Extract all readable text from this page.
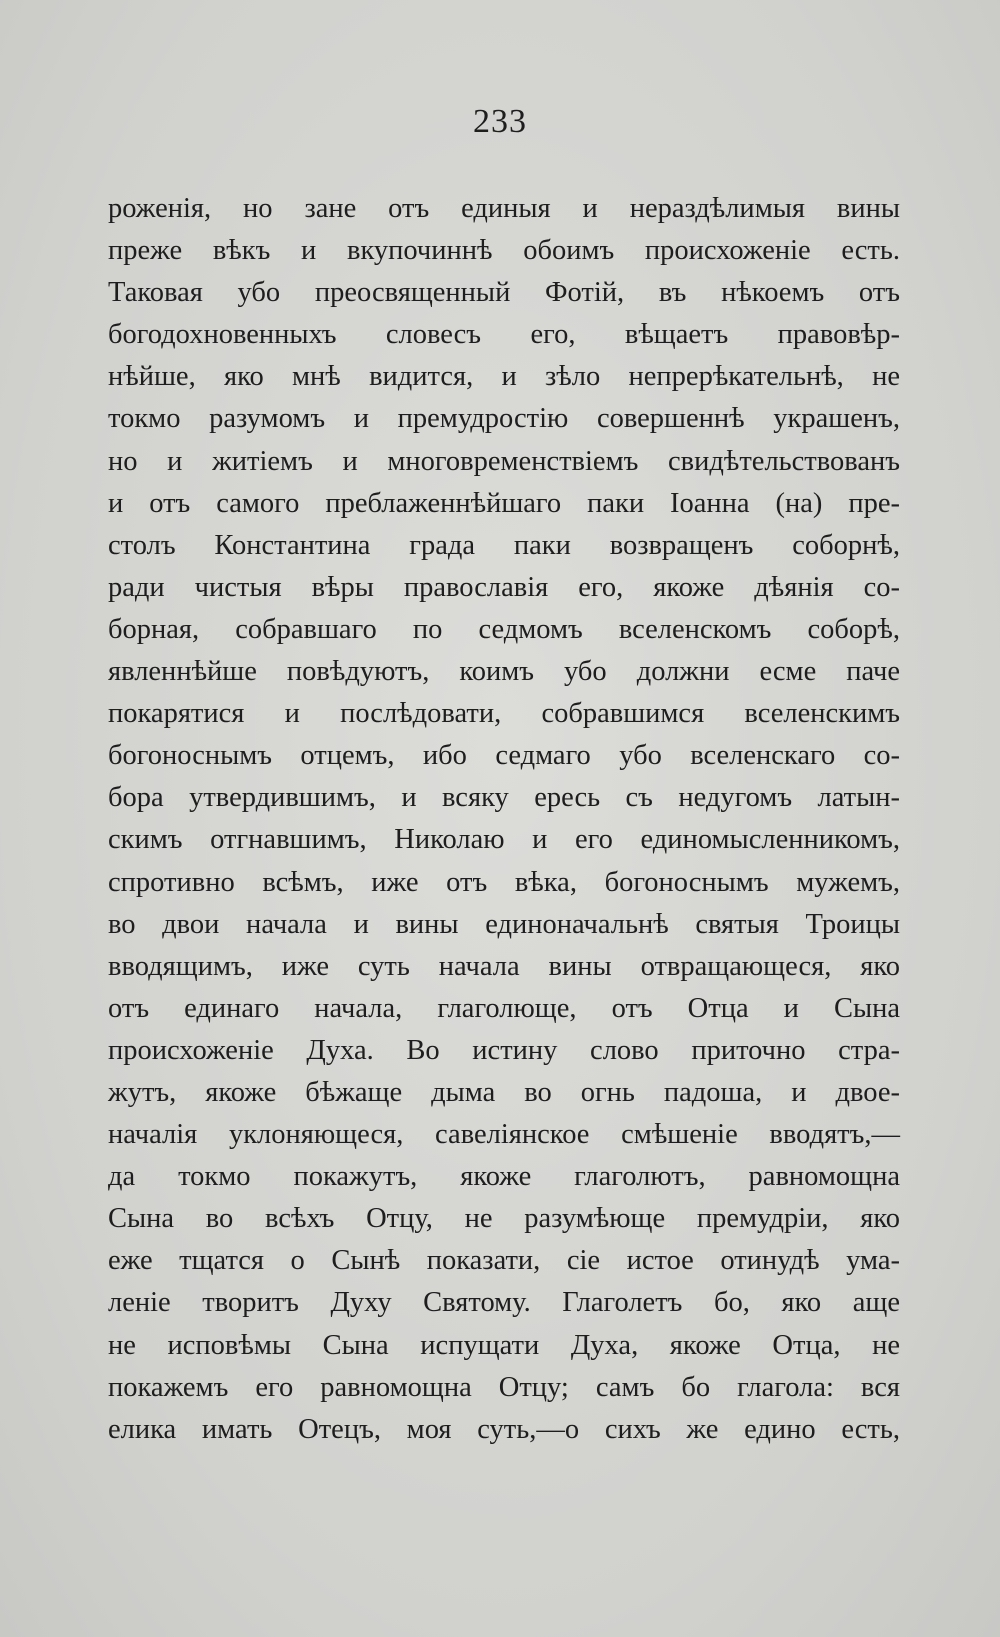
233
роженія, но зане отъ единыя и нераздѣлимыя вины
преже вѣкъ и вкупочиннѣ обоимъ происхоженіе есть.
Таковая убо преосвященный Фотій, въ нѣкоемъ отъ
богодохновенныхъ словесъ его, вѣщаетъ правовѣр-
нѣйше, яко мнѣ видится, и зѣло непрерѣкательнѣ, не
токмо разумомъ и премудростію совершеннѣ украшенъ,
но и житіемъ и многовременствіемъ свидѣтельствованъ
и отъ самого преблаженнѣйшаго паки Іоанна (на) пре-
столъ Константина града паки возвращенъ соборнѣ,
ради чистыя вѣры православія его, якоже дѣянія со-
борная, собравшаго по седмомъ вселенскомъ соборѣ,
явленнѣйше повѣдуютъ, коимъ убо должни есме паче
покарятися и послѣдовати, собравшимся вселенскимъ
богоноснымъ отцемъ, ибо седмаго убо вселенскаго со-
бора утвердившимъ, и всяку ересь съ недугомъ латын-
скимъ отгнавшимъ, Николаю и его единомысленникомъ,
спротивно всѣмъ, иже отъ вѣка, богоноснымъ мужемъ,
во двои начала и вины единоначальнѣ святыя Троицы
вводящимъ, иже суть начала вины отвращающеся, яко
отъ единаго начала, глаголюще, отъ Отца и Сына
происхоженіе Духа. Во истину слово приточно стра-
жутъ, якоже бѣжаще дыма во огнь падоша, и двое-
началія уклоняющеся, савеліянское смѣшеніе вводятъ,—
да токмо покажутъ, якоже глаголютъ, равномощна
Сына во всѣхъ Отцу, не разумѣюще премудріи, яко
еже тщатся о Сынѣ показати, сіе истое отинудѣ ума-
леніе творитъ Духу Святому. Глаголетъ бо, яко аще
не исповѣмы Сына испущати Духа, якоже Отца, не
покажемъ его равномощна Отцу; самъ бо глагола: вся
елика имать Отецъ, моя суть,—о сихъ же едино есть,
